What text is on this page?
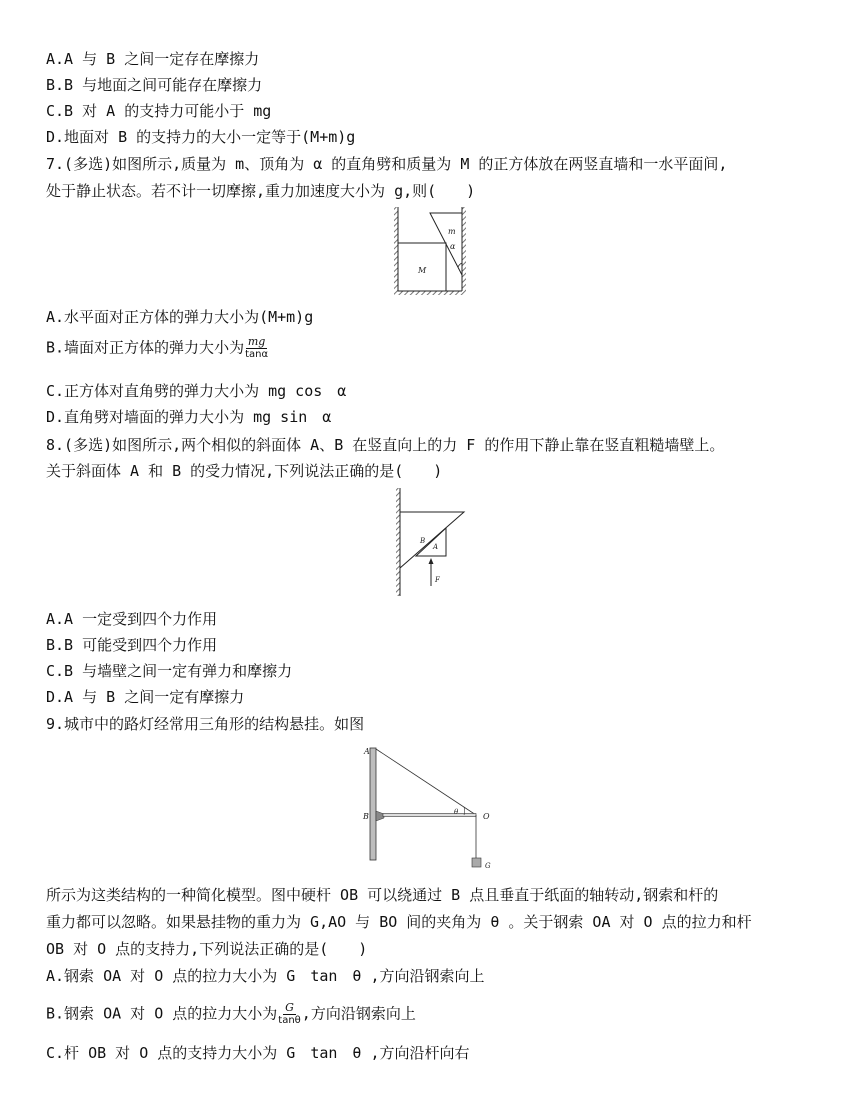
A.A 与 B 之间一定存在摩擦力
B.B 与地面之间可能存在摩擦力
C.B 对 A 的支持力可能小于 mg
D.地面对 B 的支持力的大小一定等于(M+m)g
7.(多选)如图所示,质量为 m、顶角为 α 的直角劈和质量为 M 的正方体放在两竖直墙和一水平面间,
处于静止状态。若不计一切摩擦,重力加速度大小为 g,则(　　)
m
α
M
A.水平面对正方体的弹力大小为(M+m)g
B.墙面对正方体的弹力大小为 $\frac{mg}{\tan\alpha}$
C.正方体对直角劈的弹力大小为 mg cos　α
D.直角劈对墙面的弹力大小为 mg sin　α
8.(多选)如图所示,两个相似的斜面体 A、B 在竖直向上的力 F 的作用下静止靠在竖直粗糙墙壁上。
关于斜面体 A 和 B 的受力情况,下列说法正确的是(　　)
B
A
F
A.A 一定受到四个力作用
B.B 可能受到四个力作用
C.B 与墙壁之间一定有弹力和摩擦力
D.A 与 B 之间一定有摩擦力
9.城市中的路灯经常用三角形的结构悬挂。如图
A
B	θ	O
G
所示为这类结构的一种简化模型。图中硬杆 OB 可以绕通过 B 点且垂直于纸面的轴转动,钢索和杆的
重力都可以忽略。如果悬挂物的重力为 G,AO 与 BO 间的夹角为 θ 。关于钢索 OA 对 O 点的拉力和杆
OB 对 O 点的支持力,下列说法正确的是(　　)
A.钢索 OA 对 O 点的拉力大小为 G　tan　θ ,方向沿钢索向上
B.钢索 OA 对 O 点的拉力大小为 $\frac{G}{\tan\theta}$ ,方向沿钢索向上
C.杆 OB 对 O 点的支持力大小为 G　tan　θ ,方向沿杆向右
